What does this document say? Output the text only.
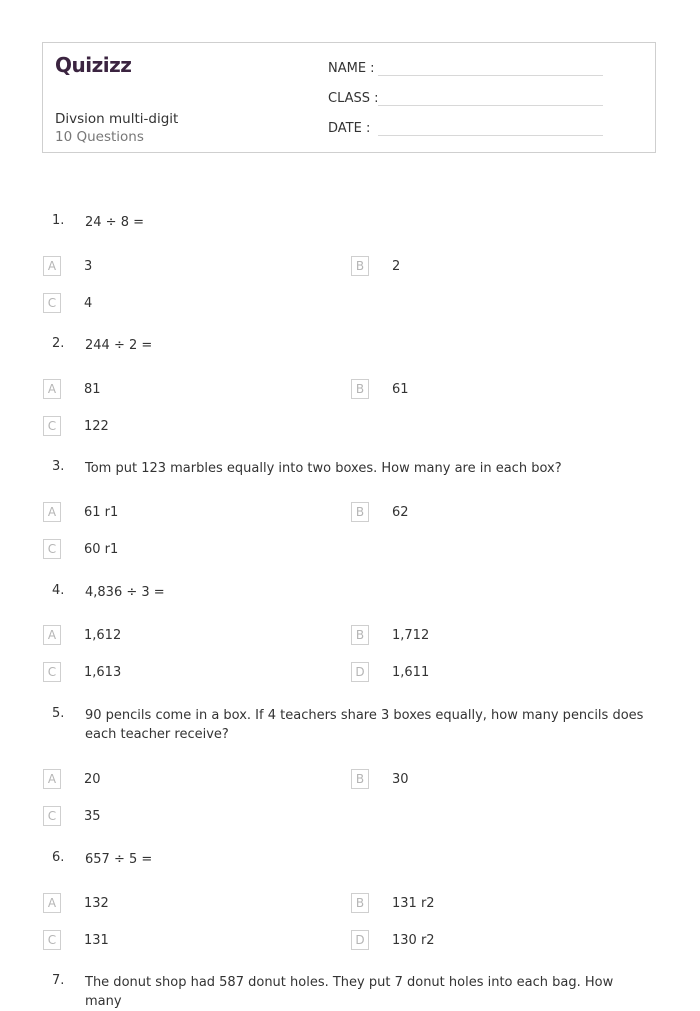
Quizizz
Divsion multi-digit
10 Questions
NAME :
CLASS :
DATE :
1.	24 ÷ 8 =
A	3	B	2
C	4
2.	244 ÷ 2 =
A	81	B	61
C	122
3.	Tom put 123 marbles equally into two boxes. How many are in each box?
A	61 r1	B	62
C	60 r1
4.	4,836 ÷ 3 =
A	1,612	B	1,712
C	1,613	D	1,611
5.	90 pencils come in a box. If 4 teachers share 3 boxes equally, how many pencils does each teacher receive?
A	20	B	30
C	35
6.	657 ÷ 5 =
A	132	B	131 r2
C	131	D	130 r2
7.	The donut shop had 587 donut holes. They put 7 donut holes into each bag. How many
